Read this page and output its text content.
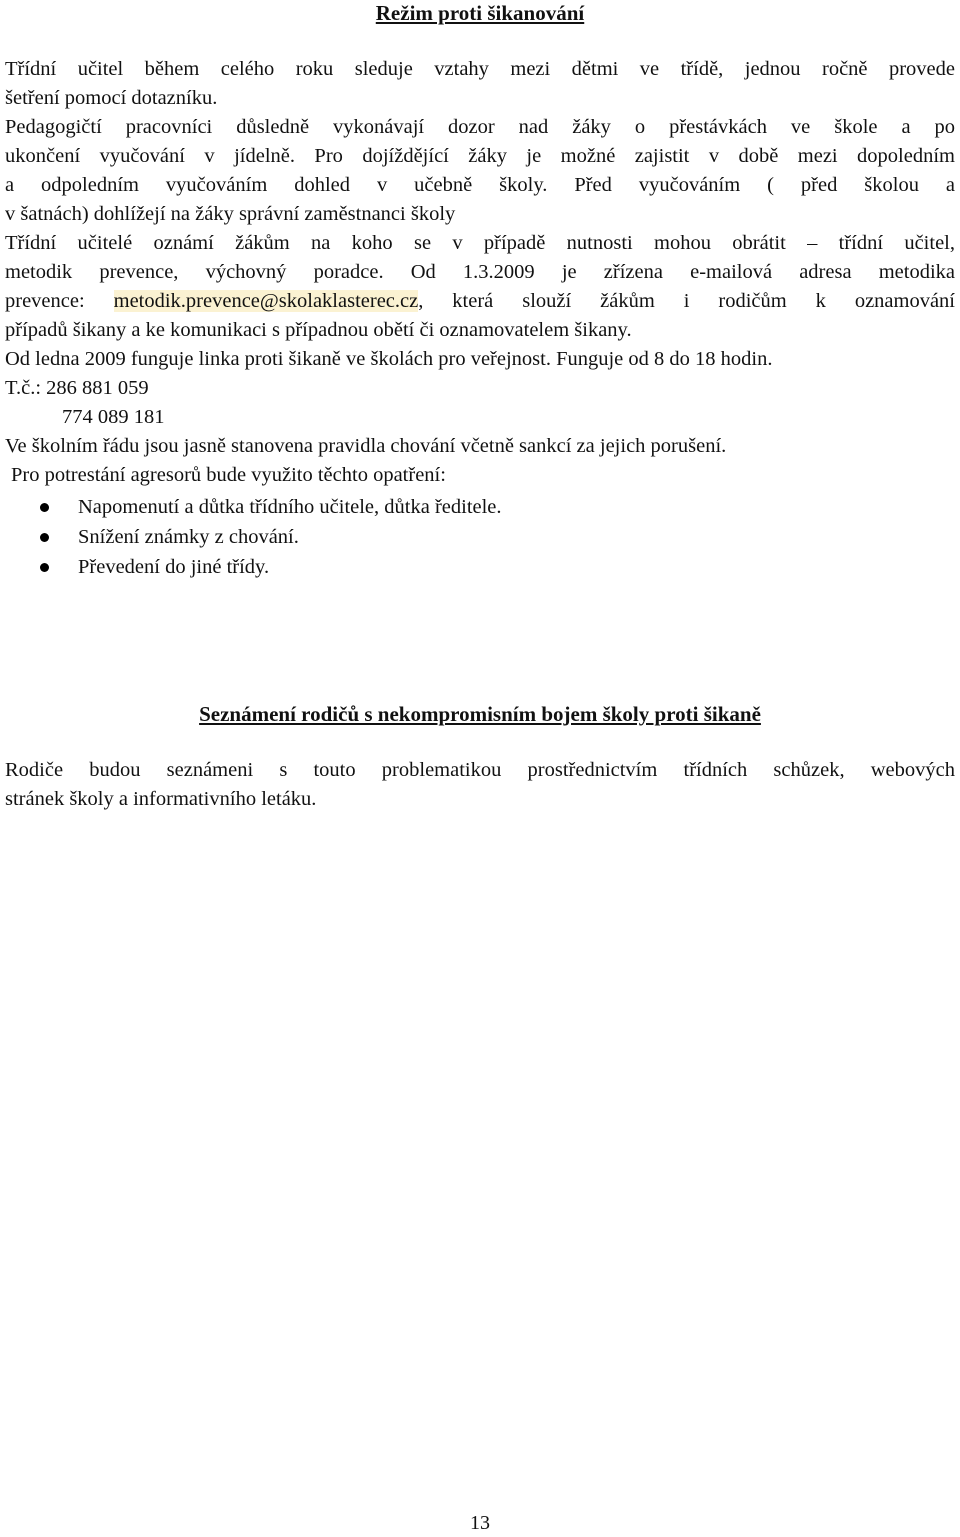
Režim proti šikanování
Třídní učitel během celého roku sleduje vztahy mezi dětmi ve třídě, jednou ročně provede
šetření pomocí dotazníku.
Pedagogičtí pracovníci důsledně vykonávají dozor nad žáky o přestávkách ve škole a po
ukončení vyučování v jídelně. Pro dojíždějící žáky je možné zajistit v době mezi dopoledním
a odpoledním vyučováním dohled v učebně školy. Před vyučováním ( před školou a
v šatnách) dohlížejí na žáky správní zaměstnanci školy
Třídní učitelé oznámí žákům na koho se v případě nutnosti mohou obrátit – třídní učitel,
metodik prevence, výchovný poradce. Od 1.3.2009 je zřízena e-mailová adresa metodika
prevence: metodik.prevence@skolaklasterec.cz, která slouží žákům i rodičům k oznamování
případů šikany a ke komunikaci s případnou obětí či oznamovatelem šikany.
Od ledna 2009 funguje linka proti šikaně ve školách pro veřejnost. Funguje od 8 do 18 hodin.
T.č.: 286 881 059
774 089 181
Ve školním řádu jsou jasně stanovena pravidla chování včetně sankcí za jejich porušení.
Pro potrestání agresorů bude využito těchto opatření:
Napomenutí a důtka třídního učitele, důtka ředitele.
Snížení známky z chování.
Převedení do jiné třídy.
Seznámení rodičů s nekompromisním bojem školy proti šikaně
Rodiče budou seznámeni s touto problematikou prostřednictvím třídních schůzek, webových
stránek školy a informativního letáku.
13
